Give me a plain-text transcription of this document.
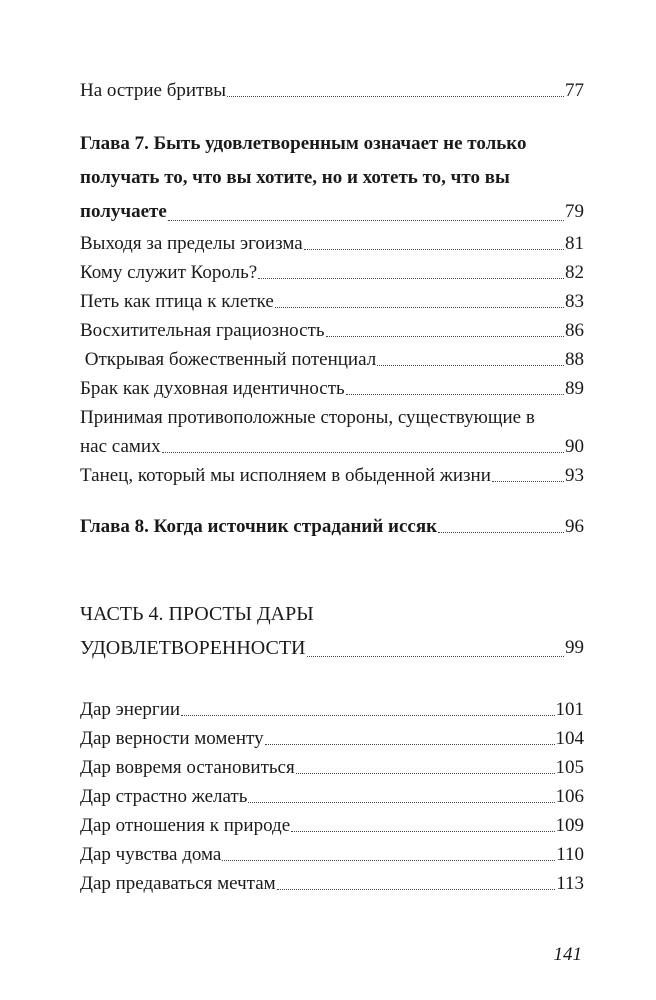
На острие бритвы	77
Глава 7. Быть удовлетворенным означает не только
получать то, что вы хотите, но и хотеть то, что вы
получаете	79
Выходя за пределы эгоизма	81
Кому служит Король?	82
Петь как птица к клетке	83
Восхитительная грациозность	86
Открывая божественный потенциал	88
Брак как духовная идентичность	89
Принимая противоположные стороны, существующие в
нас самих	90
Танец, который мы исполняем в обыденной жизни	93
Глава 8. Когда источник страданий иссяк	96
ЧАСТЬ 4. ПРОСТЫ ДАРЫ
УДОВЛЕТВОРЕННОСТИ	99
Дар энергии	101
Дар верности моменту	104
Дар вовремя остановиться	105
Дар страстно желать	106
Дар отношения к природе	109
Дар чувства дома	110
Дар предаваться мечтам	113
141
